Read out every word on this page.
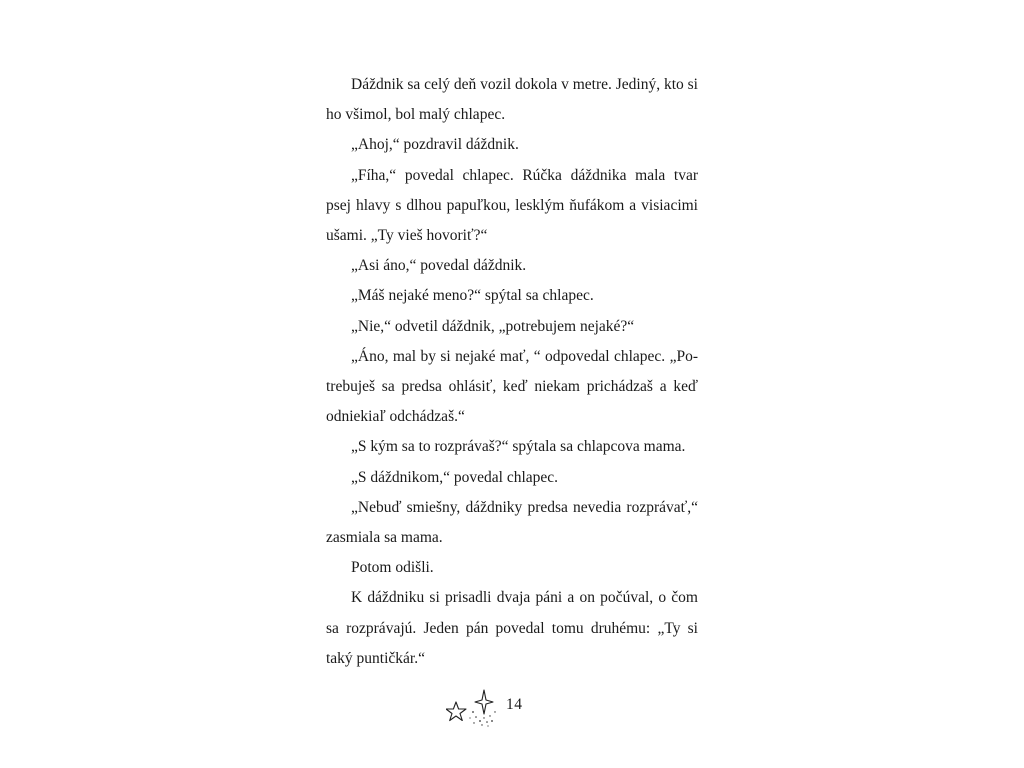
Dáždnik sa celý deň vozil dokola v metre. Jediný, kto si ho všimol, bol malý chlapec.

„Ahoj,“ pozdravil dáždnik.

„Fíha,“ povedal chlapec. Rúčka dáždnika mala tvar psej hlavy s dlhou papuľkou, lesklým ňufákom a visiacimi ušami. „Ty vieš hovoriť?“

„Asi áno,“ povedal dáždnik.

„Máš nejaké meno?“ spýtal sa chlapec.

„Nie,“ odvetil dáždnik, „potrebujem nejaké?“

„Áno, mal by si nejaké mať, “ odpovedal chlapec. „Potrebuješ sa predsa ohlásiť, keď niekam prichádzaš a keď odniekiaľ odchádzaš.“

„S kým sa to rozprávaš?“ spýtala sa chlapcova mama.

„S dáždnikom,“ povedal chlapec.

„Nebuď smiešny, dáždniky predsa nevedia rozprávať,“ zasmiala sa mama.

Potom odišli.

K dáždniku si prisadli dvaja páni a on počúval, o čom sa rozprávajú. Jeden pán povedal tomu druhému: „Ty si taký puntičkár.“

14
